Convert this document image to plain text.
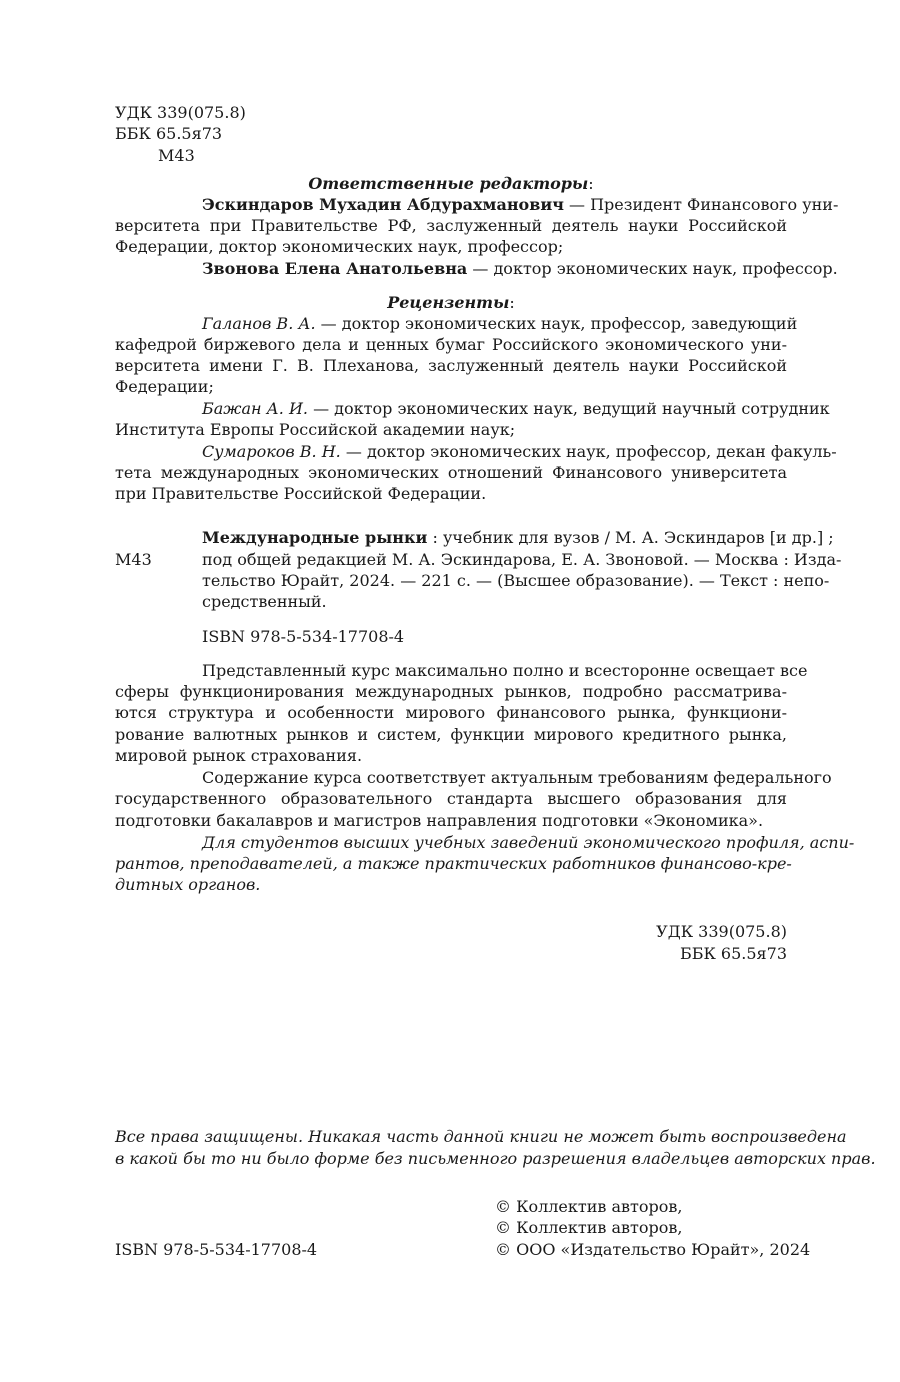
УДК 339(075.8)
ББК 65.5я73
М43
Ответственные редакторы:
Эскиндаров Мухадин Абдурахманович — Президент Финансового уни-
верситета при Правительстве РФ, заслуженный деятель науки Российской
Федерации, доктор экономических наук, профессор;
Звонова Елена Анатольевна — доктор экономических наук, профессор.
Рецензенты:
Галанов В. А. — доктор экономических наук, профессор, заведующий
кафедрой биржевого дела и ценных бумаг Российского экономического уни-
верситета имени Г. В. Плеханова, заслуженный деятель науки Российской
Федерации;
Бажан А. И. — доктор экономических наук, ведущий научный сотрудник
Института Европы Российской академии наук;
Сумароков В. Н. — доктор экономических наук, профессор, декан факуль-
тета международных экономических отношений Финансового университета
при Правительстве Российской Федерации.
Международные рынки : учебник для вузов / М. А. Эскиндаров [и др.] ;
М43	под общей редакцией М. А. Эскиндарова, Е. А. Звоновой. — Москва : Изда-
тельство Юрайт, 2024. — 221 с. — (Высшее образование). — Текст : непо-
средственный.
ISBN 978-5-534-17708-4
Представленный курс максимально полно и всесторонне освещает все
сферы функционирования международных рынков, подробно рассматрива-
ются структура и особенности мирового финансового рынка, функциони-
рование валютных рынков и систем, функции мирового кредитного рынка,
мировой рынок страхования.
Содержание курса соответствует актуальным требованиям федерального
государственного образовательного стандарта высшего образования для
подготовки бакалавров и магистров направления подготовки «Экономика».
Для студентов высших учебных заведений экономического профиля, аспи-
рантов, преподавателей, а также практических работников финансово-кре-
дитных органов.
УДК 339(075.8)
ББК 65.5я73
Все права защищены. Никакая часть данной книги не может быть воспроизведена
в какой бы то ни было форме без письменного разрешения владельцев авторских прав.
© Коллектив авторов,
© Коллектив авторов,
ISBN 978-5-534-17708-4	© ООО «Издательство Юрайт», 2024
